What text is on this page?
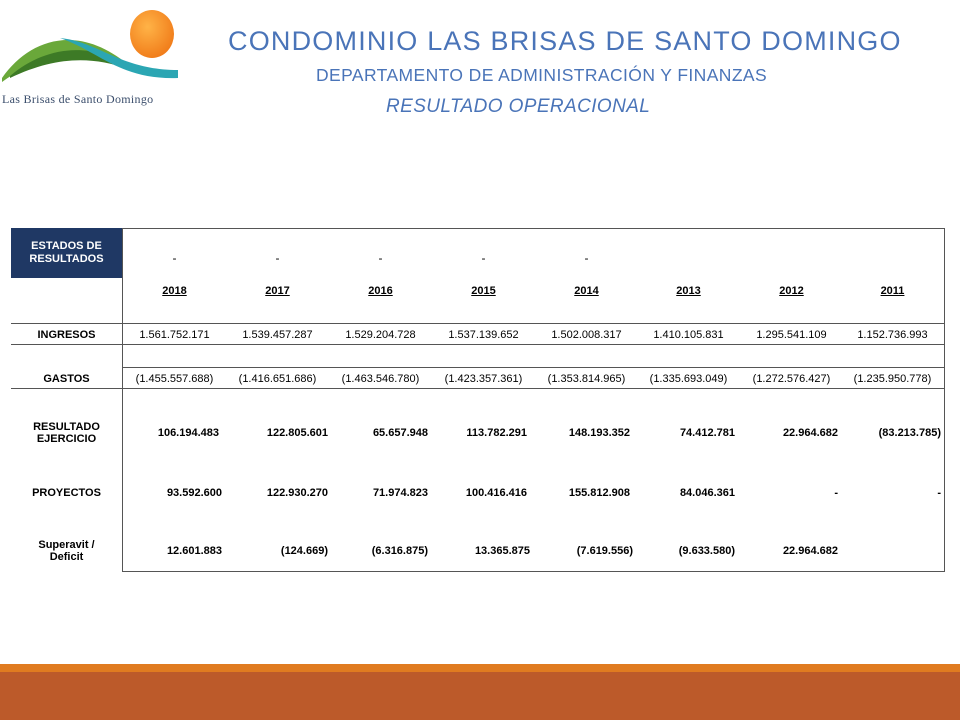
Las Brisas de Santo Domingo
CONDOMINIO LAS BRISAS DE SANTO DOMINGO
DEPARTAMENTO DE ADMINISTRACIÓN Y FINANZAS
RESULTADO OPERACIONAL
ESTADOS DE RESULTADOS	-	-	-	-	-
2018	2017	2016	2015	2014	2013	2012	2011
INGRESOS	1.561.752.171	1.539.457.287	1.529.204.728	1.537.139.652	1.502.008.317	1.410.105.831	1.295.541.109	1.152.736.993
GASTOS	(1.455.557.688)	(1.416.651.686)	(1.463.546.780)	(1.423.357.361)	(1.353.814.965)	(1.335.693.049)	(1.272.576.427)	(1.235.950.778)
RESULTADO EJERCICIO	106.194.483	122.805.601	65.657.948	113.782.291	148.193.352	74.412.781	22.964.682	(83.213.785)
PROYECTOS	93.592.600	122.930.270	71.974.823	100.416.416	155.812.908	84.046.361	-	-
Superavit / Deficit	12.601.883	(124.669)	(6.316.875)	13.365.875	(7.619.556)	(9.633.580)	22.964.682
